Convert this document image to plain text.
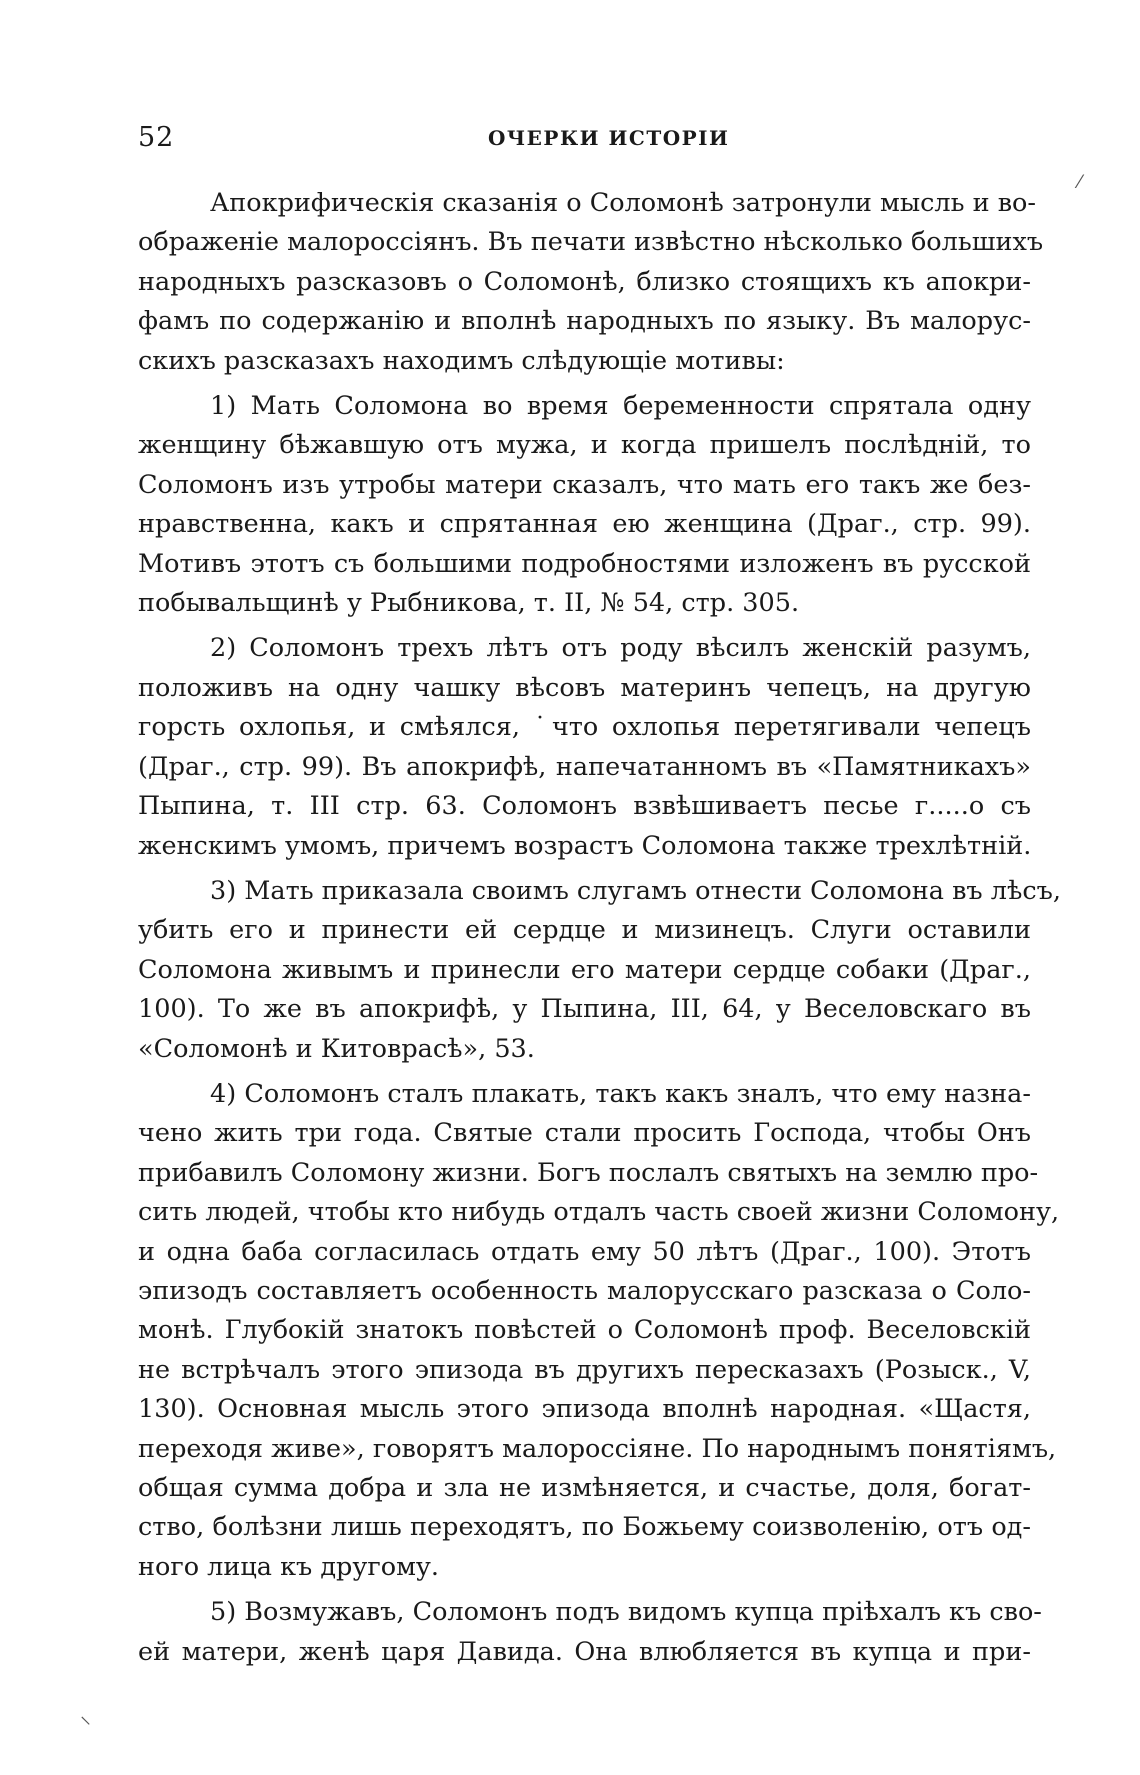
52	ОЧЕРКИ ИСТОРІИ
Апокрифическія сказанія о Соломонѣ затронули мысль и во-
ображеніе малороссіянъ. Въ печати извѣстно нѣсколько большихъ
народныхъ разсказовъ о Соломонѣ, близко стоящихъ къ апокри-
фамъ по содержанію и вполнѣ народныхъ по языку. Въ малорус-
скихъ разсказахъ находимъ слѣдующіе мотивы:
1) Мать Соломона во время беременности спрятала одну
женщину бѣжавшую отъ мужа, и когда пришелъ послѣдній, то
Соломонъ изъ утробы матери сказалъ, что мать его такъ же без-
нравственна, какъ и спрятанная ею женщина (Драг., стр. 99).
Мотивъ этотъ съ большими подробностями изложенъ въ русской
побывальщинѣ у Рыбникова, т. II, № 54, стр. 305.
2) Соломонъ трехъ лѣтъ отъ роду вѣсилъ женскій разумъ,
положивъ на одну чашку вѣсовъ материнъ чепецъ, на другую
горсть охлопья, и смѣялся, ˙что охлопья перетягивали чепецъ
(Драг., стр. 99). Въ апокрифѣ, напечатанномъ въ «Памятникахъ»
Пыпина, т. III стр. 63. Соломонъ взвѣшиваетъ песье г.....о съ
женскимъ умомъ, причемъ возрастъ Соломона также трехлѣтній.
3) Мать приказала своимъ слугамъ отнести Соломона въ лѣсъ,
убить его и принести ей сердце и мизинецъ. Слуги оставили
Соломона живымъ и принесли его матери сердце собаки (Драг.,
100). То же въ апокрифѣ, у Пыпина, III, 64, у Веселовскаго въ
«Соломонѣ и Китоврасѣ», 53.
4) Соломонъ сталъ плакать, такъ какъ зналъ, что ему назна-
чено жить три года. Святые стали просить Господа, чтобы Онъ
прибавилъ Соломону жизни. Богъ послалъ святыхъ на землю про-
сить людей, чтобы кто нибудь отдалъ часть своей жизни Соломону,
и одна баба согласилась отдать ему 50 лѣтъ (Драг., 100). Этотъ
эпизодъ составляетъ особенность малорусскаго разсказа о Соло-
монѣ. Глубокій знатокъ повѣстей о Соломонѣ проф. Веселовскій
не встрѣчалъ этого эпизода въ другихъ пересказахъ (Розыск., V,
130). Основная мысль этого эпизода вполнѣ народная. «Щастя,
переходя живе», говорятъ малороссіяне. По народнымъ понятіямъ,
общая сумма добра и зла не измѣняется, и счастье, доля, богат-
ство, болѣзни лишь переходятъ, по Божьему соизволенію, отъ од-
ного лица къ другому.
5) Возмужавъ, Соломонъ подъ видомъ купца пріѣхалъ къ сво-
ей матери, женѣ царя Давида. Она влюбляется въ купца и при-
⁄
⸜
